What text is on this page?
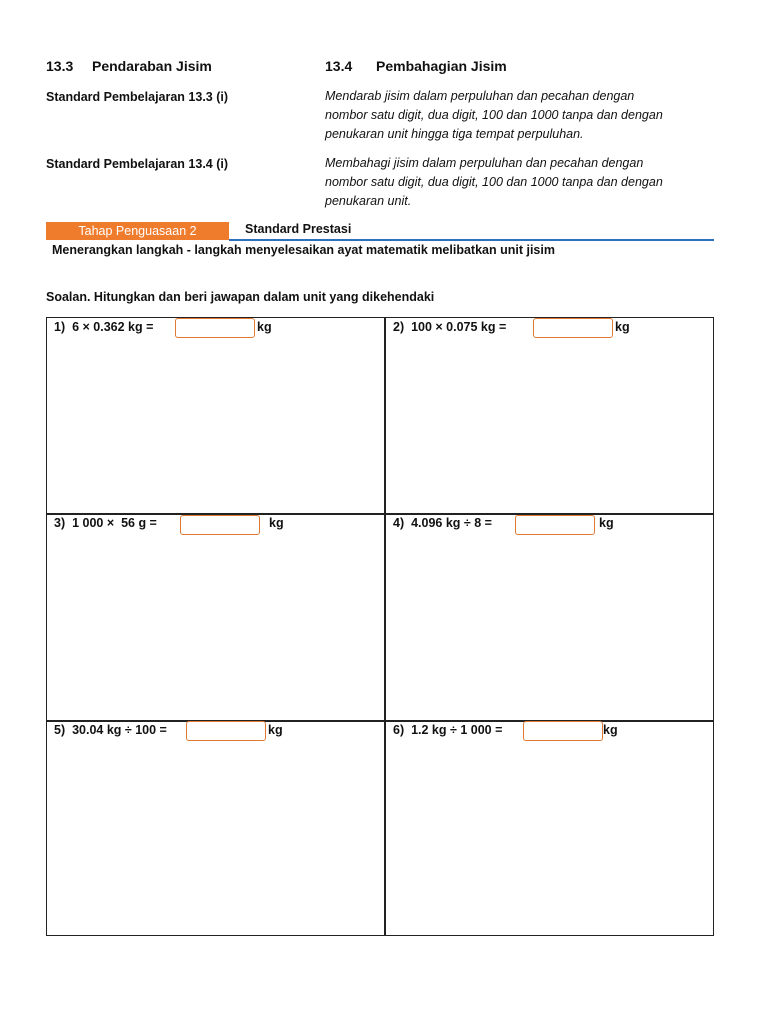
13.3 Pendaraban Jisim	13.4 Pembahagian Jisim
Standard Pembelajaran 13.3 (i)	Mendarab jisim dalam perpuluhan dan pecahan dengan
nombor satu digit, dua digit, 100 dan 1000 tanpa dan dengan
penukaran unit hingga tiga tempat perpuluhan.
Standard Pembelajaran 13.4 (i)	Membahagi jisim dalam perpuluhan dan pecahan dengan
nombor satu digit, dua digit, 100 dan 1000 tanpa dan dengan
penukaran unit.
Tahap Penguasaan 2	Standard Prestasi
Menerangkan langkah - langkah menyelesaikan ayat matematik melibatkan unit jisim
Soalan. Hitungkan dan beri jawapan dalam unit yang dikehendaki
1) 6 × 0.362 kg =	kg	2) 100 × 0.075 kg =	kg
3) 1 000 ×  56 g =	kg	4) 4.096 kg ÷ 8 =	kg
5) 30.04 kg ÷ 100 =	kg	6) 1.2 kg ÷ 1 000 =	kg
